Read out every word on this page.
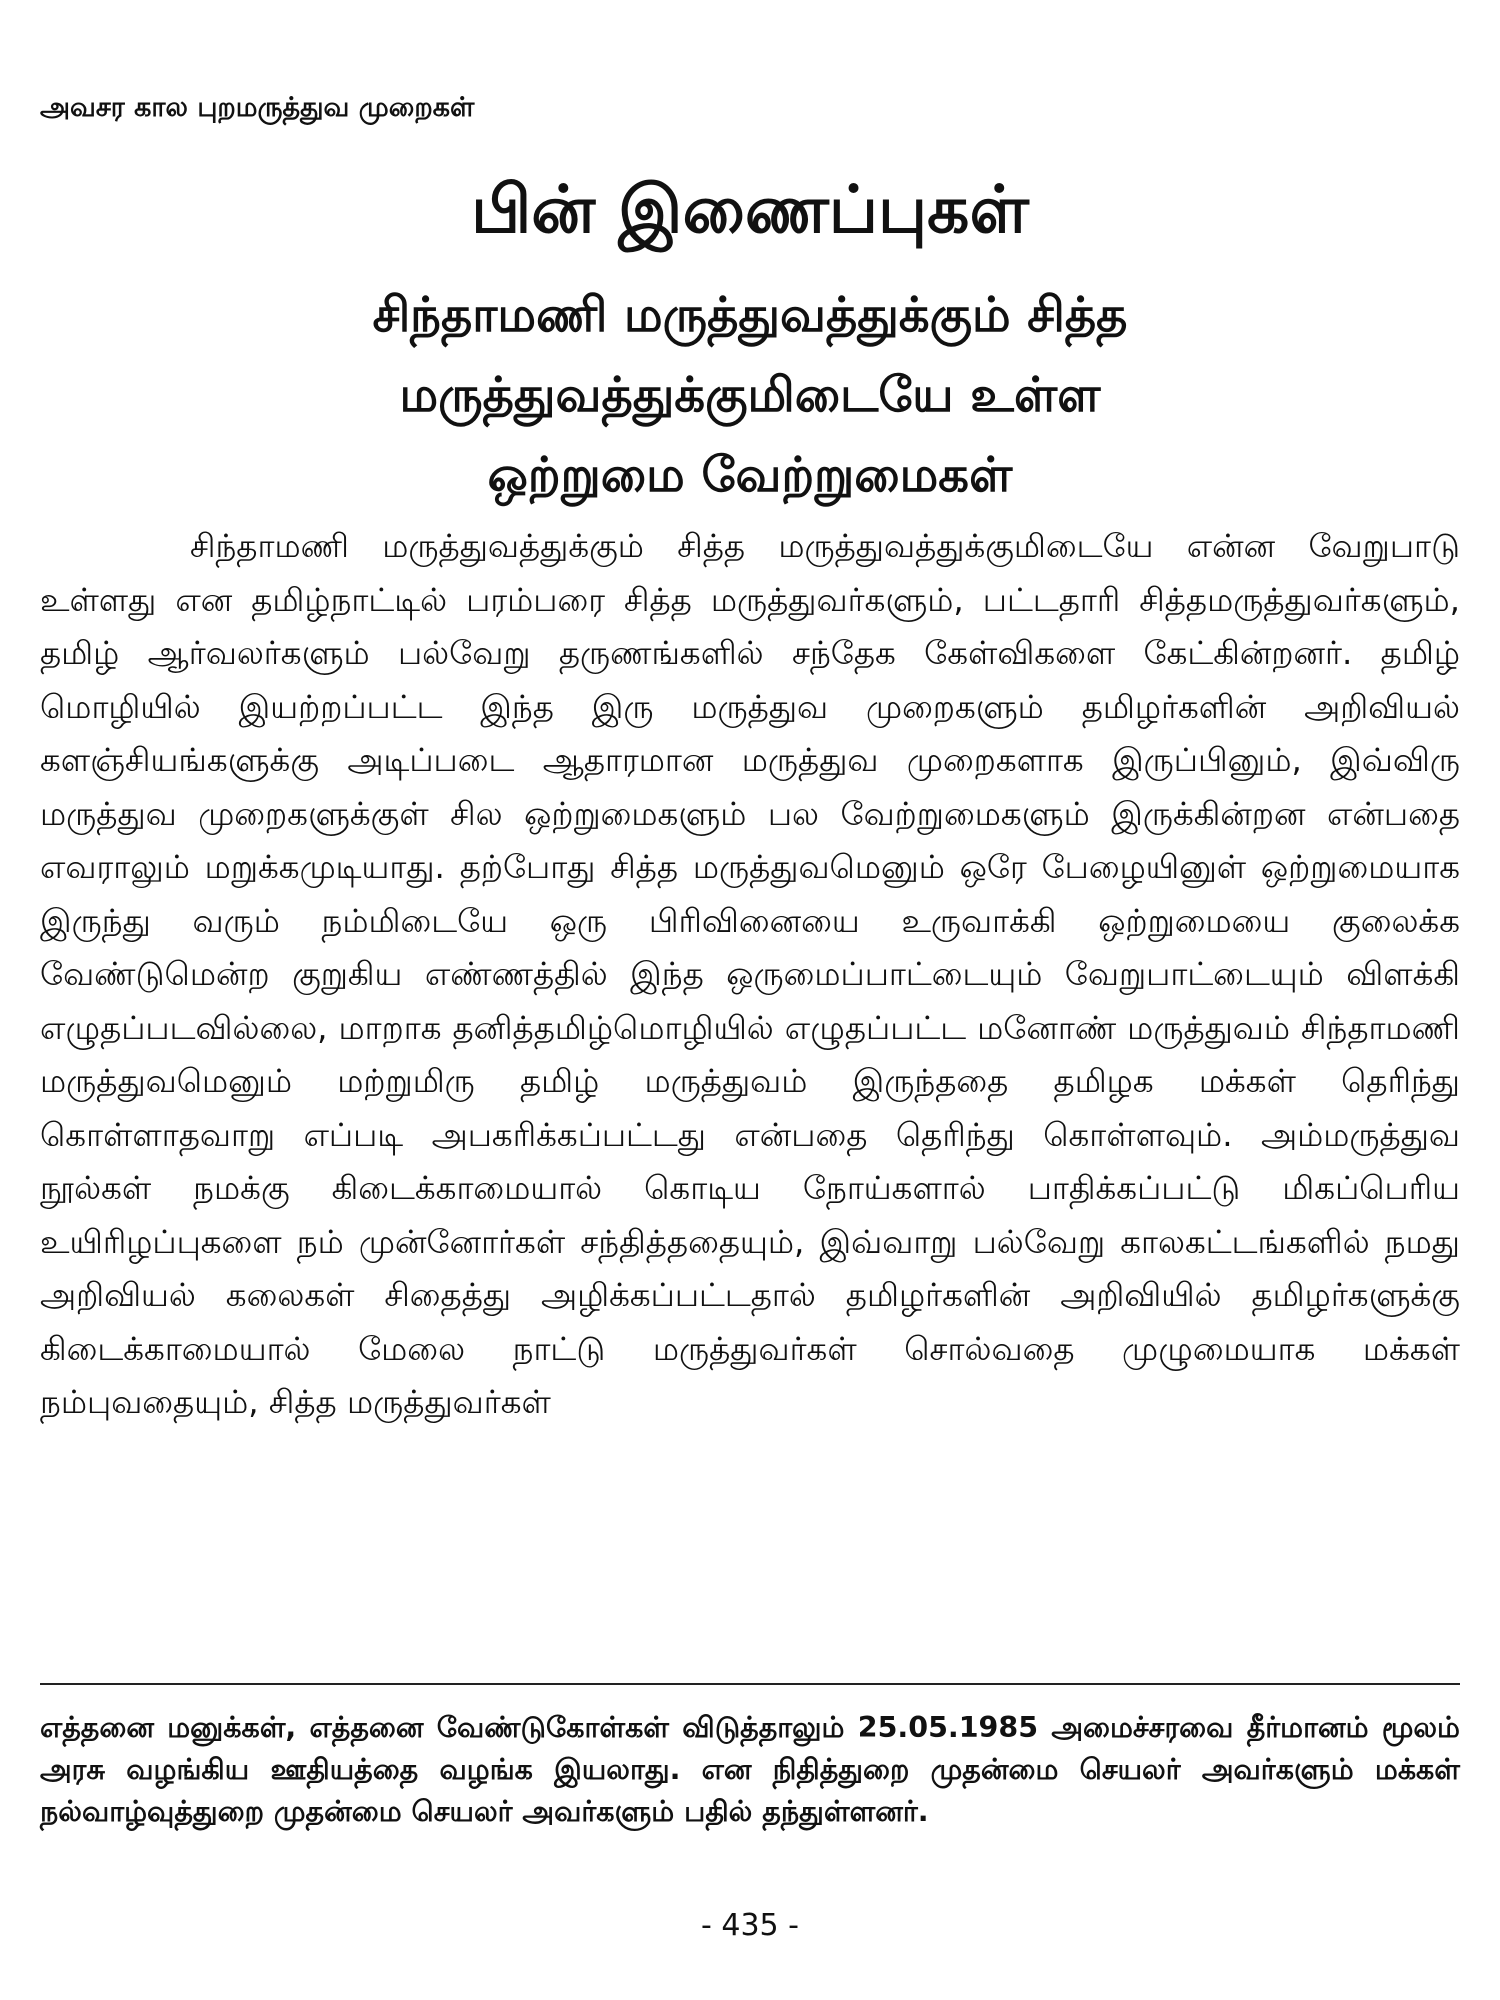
அவசர கால புறமருத்துவ முறைகள்
பின் இணைப்புகள்
சிந்தாமணி மருத்துவத்துக்கும் சித்த
மருத்துவத்துக்குமிடையே உள்ள
ஒற்றுமை வேற்றுமைகள்

சிந்தாமணி மருத்துவத்துக்கும் சித்த மருத்துவத்துக்குமிடையே என்ன வேறுபாடு உள்ளது என தமிழ்நாட்டில் பரம்பரை சித்த மருத்துவர்களும், பட்டதாரி சித்தமருத்துவர்களும், தமிழ் ஆர்வலர்களும் பல்வேறு தருணங்களில் சந்தேக கேள்விகளை கேட்கின்றனர். தமிழ் மொழியில் இயற்றப்பட்ட இந்த இரு மருத்துவ முறைகளும் தமிழர்களின் அறிவியல் களஞ்சியங்களுக்கு அடிப்படை ஆதாரமான மருத்துவ முறைகளாக இருப்பினும், இவ்விரு மருத்துவ முறைகளுக்குள் சில ஒற்றுமைகளும் பல வேற்றுமைகளும் இருக்கின்றன என்பதை எவராலும் மறுக்கமுடியாது. தற்போது சித்த மருத்துவமெனும் ஒரே பேழையினுள் ஒற்றுமையாக இருந்து வரும் நம்மிடையே ஒரு பிரிவினையை உருவாக்கி ஒற்றுமையை குலைக்க வேண்டுமென்ற குறுகிய எண்ணத்தில் இந்த ஒருமைப்பாட்டையும் வேறுபாட்டையும் விளக்கி எழுதப்படவில்லை, மாறாக தனித்தமிழ்மொழியில் எழுதப்பட்ட மனோண் மருத்துவம் சிந்தாமணி மருத்துவமெனும் மற்றுமிரு தமிழ் மருத்துவம் இருந்ததை தமிழக மக்கள் தெரிந்து கொள்ளாதவாறு எப்படி அபகரிக்கப்பட்டது என்பதை தெரிந்து கொள்ளவும். அம்மருத்துவ நூல்கள் நமக்கு கிடைக்காமையால் கொடிய நோய்களால் பாதிக்கப்பட்டு மிகப்பெரிய உயிரிழப்புகளை நம் முன்னோர்கள் சந்தித்ததையும், இவ்வாறு பல்வேறு காலகட்டங்களில் நமது அறிவியல் கலைகள் சிதைத்து அழிக்கப்பட்டதால் தமிழர்களின் அறிவியில் தமிழர்களுக்கு கிடைக்காமையால் மேலை நாட்டு மருத்துவர்கள் சொல்வதை முழுமையாக மக்கள் நம்புவதையும், சித்த மருத்துவர்கள்

எத்தனை மனுக்கள், எத்தனை வேண்டுகோள்கள் விடுத்தாலும் 25.05.1985 அமைச்சரவை தீர்மானம் மூலம் அரசு வழங்கிய ஊதியத்தை வழங்க இயலாது. என நிதித்துறை முதன்மை செயலர் அவர்களும் மக்கள் நல்வாழ்வுத்துறை முதன்மை செயலர் அவர்களும் பதில் தந்துள்ளனர்.

- 435 -
